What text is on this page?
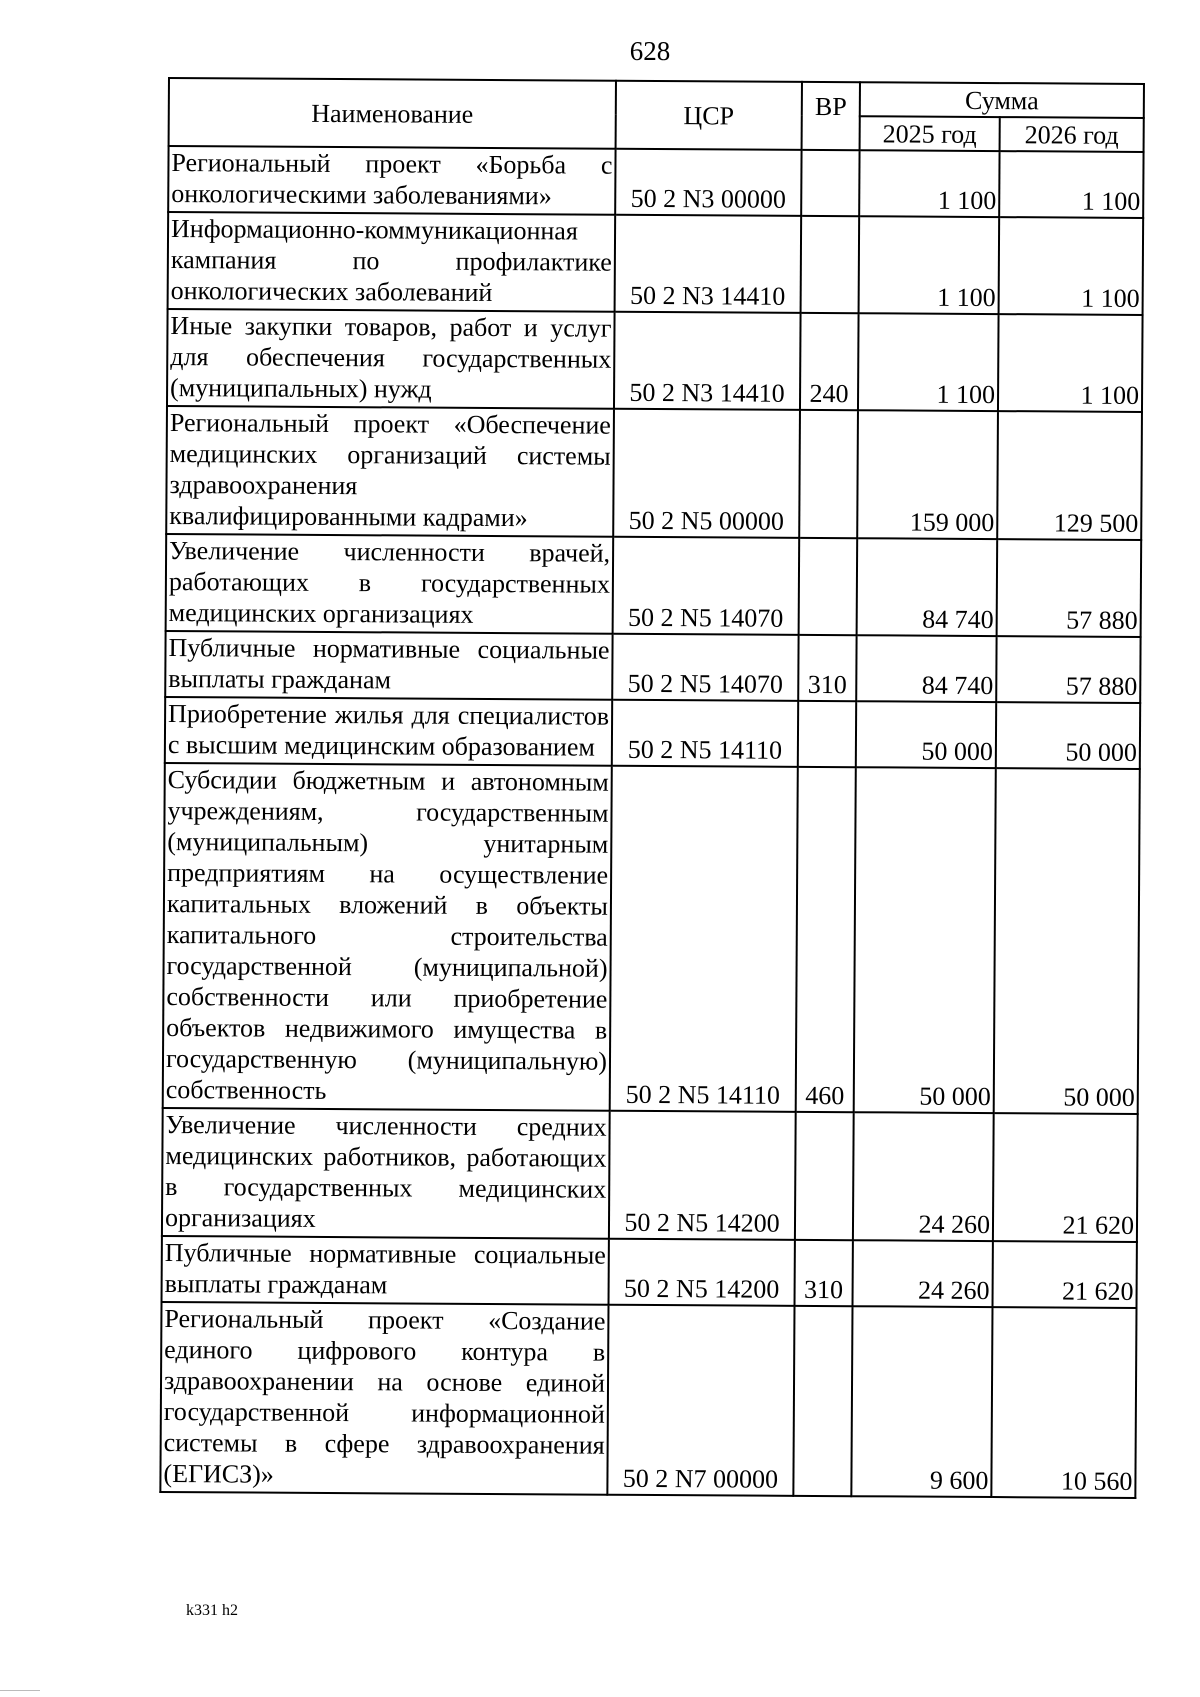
628
Наименование	ЦСР	ВР	Сумма	
			2025 год	2026 год
Региональный проект «Борьба с онкологическими заболеваниями»	50 2 N3 00000		1 100	1 100
Информационно-коммуникационная кампания по профилактике онкологических заболеваний	50 2 N3 14410		1 100	1 100
Иные закупки товаров, работ и услуг для обеспечения государственных (муниципальных) нужд	50 2 N3 14410	240	1 100	1 100
Региональный проект «Обеспечение медицинских организаций системы здравоохранения квалифицированными кадрами»	50 2 N5 00000		159 000	129 500
Увеличение численности врачей, работающих в государственных медицинских организациях	50 2 N5 14070		84 740	57 880
Публичные нормативные социальные выплаты гражданам	50 2 N5 14070	310	84 740	57 880
Приобретение жилья для специалистов с высшим медицинским образованием	50 2 N5 14110		50 000	50 000
Субсидии бюджетным и автономным учреждениям, государственным (муниципальным) унитарным предприятиям на осуществление капитальных вложений в объекты капитального строительства государственной (муниципальной) собственности или приобретение объектов недвижимого имущества в государственную (муниципальную) собственность	50 2 N5 14110	460	50 000	50 000
Увеличение численности средних медицинских работников, работающих в государственных медицинских организациях	50 2 N5 14200		24 260	21 620
Публичные нормативные социальные выплаты гражданам	50 2 N5 14200	310	24 260	21 620
Региональный проект «Создание единого цифрового контура в здравоохранении на основе единой государственной информационной системы в сфере здравоохранения (ЕГИСЗ)»	50 2 N7 00000		9 600	10 560
k331 h2
